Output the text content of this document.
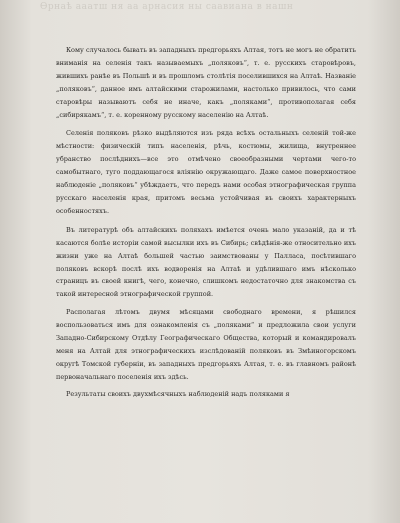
Ѳрнаѣ ааатш ня аа арнасия ны саавиана в нашн

Кому случалось бывать въ западныхъ предгорьяхъ Алтая, тотъ не могъ не обратить вниманія на селенія такъ называемыхъ „поляковъ“, т. е. русскихъ старовѣровъ, жившихъ ранѣе въ Польшѣ и въ прошломъ столѣтія поселившихся на Алтаѣ. Названіе „поляковъ“, данное имъ алтайскими старожилами, настолько привилось, что сами старовѣры называютъ себя не иначе, какъ „поляками“, противополагая себя „сибирякамъ“, т. е. коренному русскому населенію на Алтаѣ.

Селенія поляковъ рѣзко выдѣляются изъ ряда всѣхъ остальныхъ селеній той-же мѣстности: физическій типъ населенія, рѣчь, костюмы, жилища, внутреннее убранство послѣднихъ—все это отмѣчено своеобразными чертами чего-то самобытнаго, туго поддающагося вліянію окружающаго. Даже самое поверхностное наблюденіе „поляковъ“ убѣждаетъ, что передъ нами особая этнографическая группа русскаго населенія края, притомъ весьма устойчивая въ своихъ характерныхъ особенностяхъ.

Въ литературѣ объ алтайскихъ поляхахъ имѣется очень мало указаній, да и тѣ касаются болѣе исторіи самой высылки ихъ въ Сибирь; свѣдѣнія-же относительно ихъ жизни уже на Алтаѣ большей частью заимствованы у Палласа, посѣтившаго поляковъ вскорѣ послѣ ихъ водворенія на Алтаѣ и удѣлившаго имъ нѣсколько страницъ въ своей книгѣ, чего, конечно, слишкомъ недостаточно для знакомства съ такой интересной этнографической группой.

Располагая лѣтомъ двумя мѣсяцами свободнаго времени, я рѣшился воспользоваться имъ для ознакомленія съ „поляками“ и предложила свои услуги Западно-Сибирскому Отдѣлу Географическаго Общества, который и командировалъ меня на Алтай для этнографическихъ изслѣдованій поляковъ въ Змѣиногорскомъ округѣ Томской губерніи, въ западныхъ предгорьяхъ Алтая, т. е. въ главномъ районѣ первоначальнаго поселенія ихъ здѣсь.

Результаты своихъ двухмѣсячныхъ наблюденій надъ поляками я
